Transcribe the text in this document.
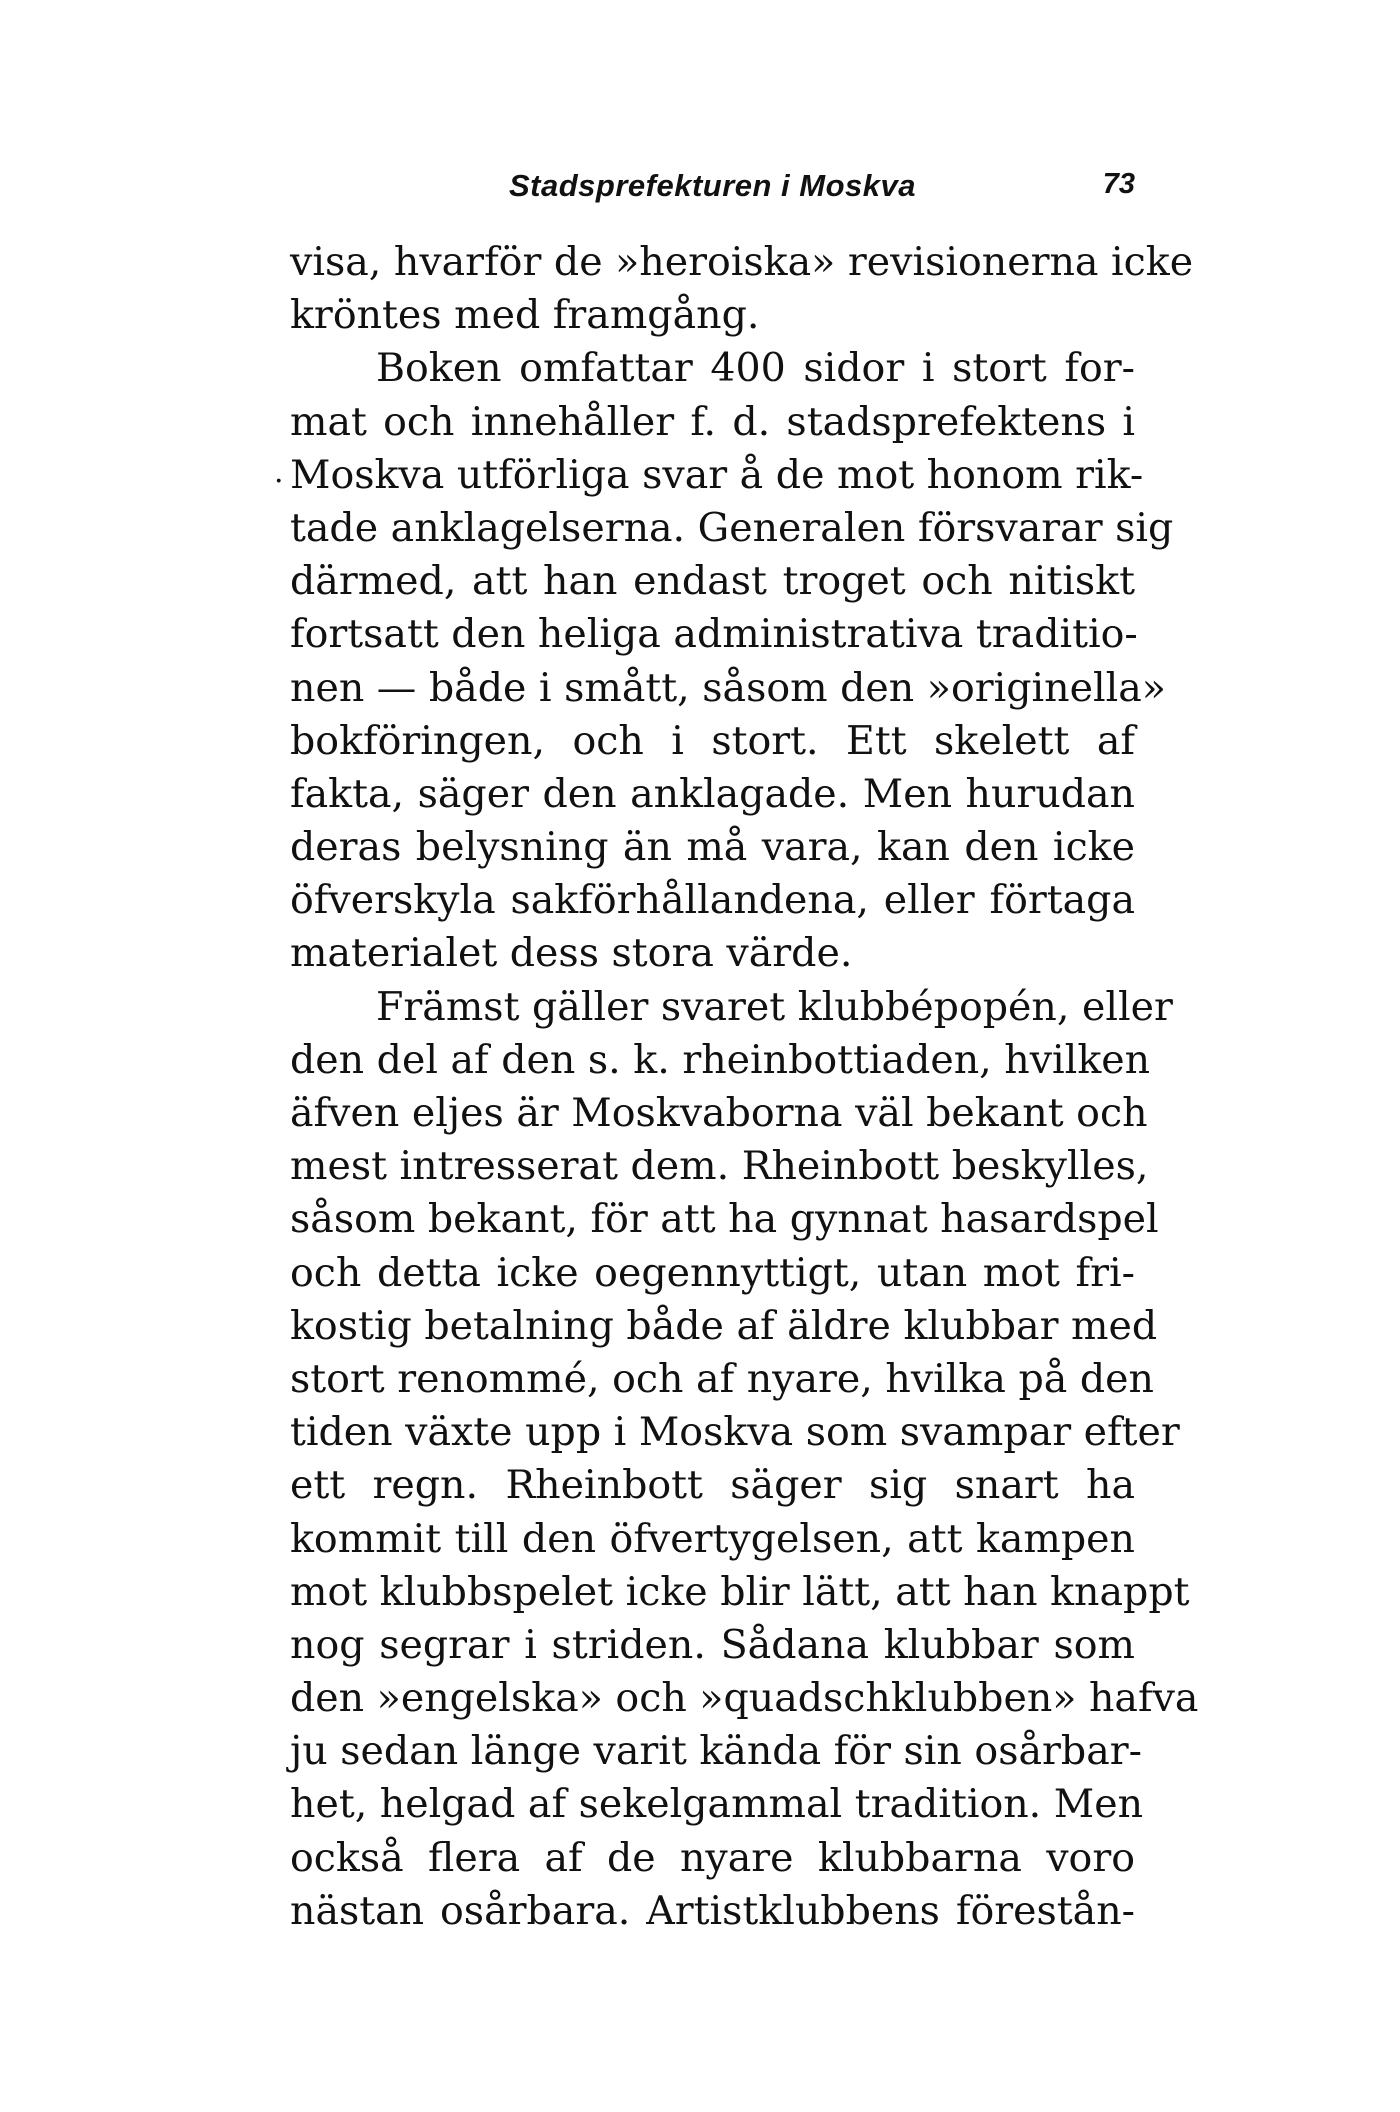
Stadsprefekturen i Moskva	73
·
visa, hvarför de »heroiska» revisionerna icke
kröntes med framgång.
Boken omfattar 400 sidor i stort for-
mat och innehåller f. d. stadsprefektens i
Moskva utförliga svar å de mot honom rik-
tade anklagelserna. Generalen försvarar sig
därmed, att han endast troget och nitiskt
fortsatt den heliga administrativa traditio-
nen — både i smått, såsom den »originella»
bokföringen, och i stort. Ett skelett af
fakta, säger den anklagade. Men hurudan
deras belysning än må vara, kan den icke
öfverskyla sakförhållandena, eller förtaga
materialet dess stora värde.
Främst gäller svaret klubbépopén, eller
den del af den s. k. rheinbottiaden, hvilken
äfven eljes är Moskvaborna väl bekant och
mest intresserat dem. Rheinbott beskylles,
såsom bekant, för att ha gynnat hasardspel
och detta icke oegennyttigt, utan mot fri-
kostig betalning både af äldre klubbar med
stort renommé, och af nyare, hvilka på den
tiden växte upp i Moskva som svampar efter
ett regn. Rheinbott säger sig snart ha
kommit till den öfvertygelsen, att kampen
mot klubbspelet icke blir lätt, att han knappt
nog segrar i striden. Sådana klubbar som
den »engelska» och »quadschklubben» hafva
ju sedan länge varit kända för sin osårbar-
het, helgad af sekelgammal tradition. Men
också flera af de nyare klubbarna voro
nästan osårbara. Artistklubbens förestån-
